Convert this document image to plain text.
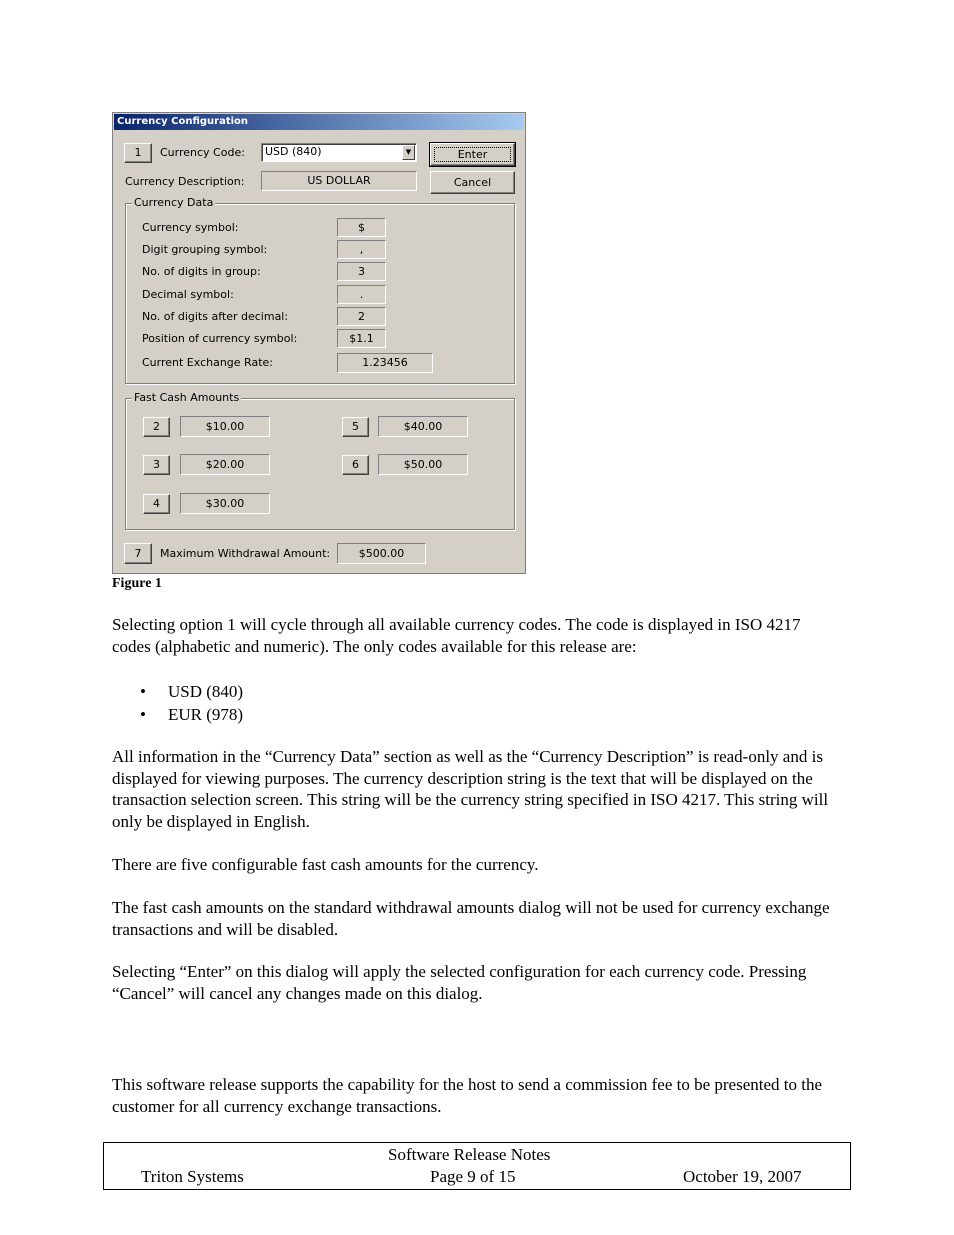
Currency Configuration
1	Currency Code: USD (840)	▼	Enter
Currency Description:	US DOLLAR	Cancel
Currency Data
Currency symbol:	$
Digit grouping symbol:	,
No. of digits in group:	3
Decimal symbol:	.
No. of digits after decimal:	2
Position of currency symbol:	$1.1
Current Exchange Rate:	1.23456
Fast Cash Amounts
2	$10.00
3	$20.00
4	$30.00
5	$40.00
6	$50.00
7	Maximum Withdrawal Amount:	$500.00
Figure 1
Selecting option 1 will cycle through all available currency codes. The code is displayed in ISO 4217 codes (alphabetic and numeric). The only codes available for this release are:
• USD (840)
• EUR (978)
All information in the “Currency Data” section as well as the “Currency Description” is read-only and is displayed for viewing purposes. The currency description string is the text that will be displayed on the transaction selection screen. This string will be the currency string specified in ISO 4217. This string will only be displayed in English.
There are five configurable fast cash amounts for the currency.
The fast cash amounts on the standard withdrawal amounts dialog will not be used for currency exchange transactions and will be disabled.
Selecting “Enter” on this dialog will apply the selected configuration for each currency code. Pressing “Cancel” will cancel any changes made on this dialog.
This software release supports the capability for the host to send a commission fee to be presented to the customer for all currency exchange transactions.
Software Release Notes
Triton Systems	Page 9 of 15	October 19, 2007
